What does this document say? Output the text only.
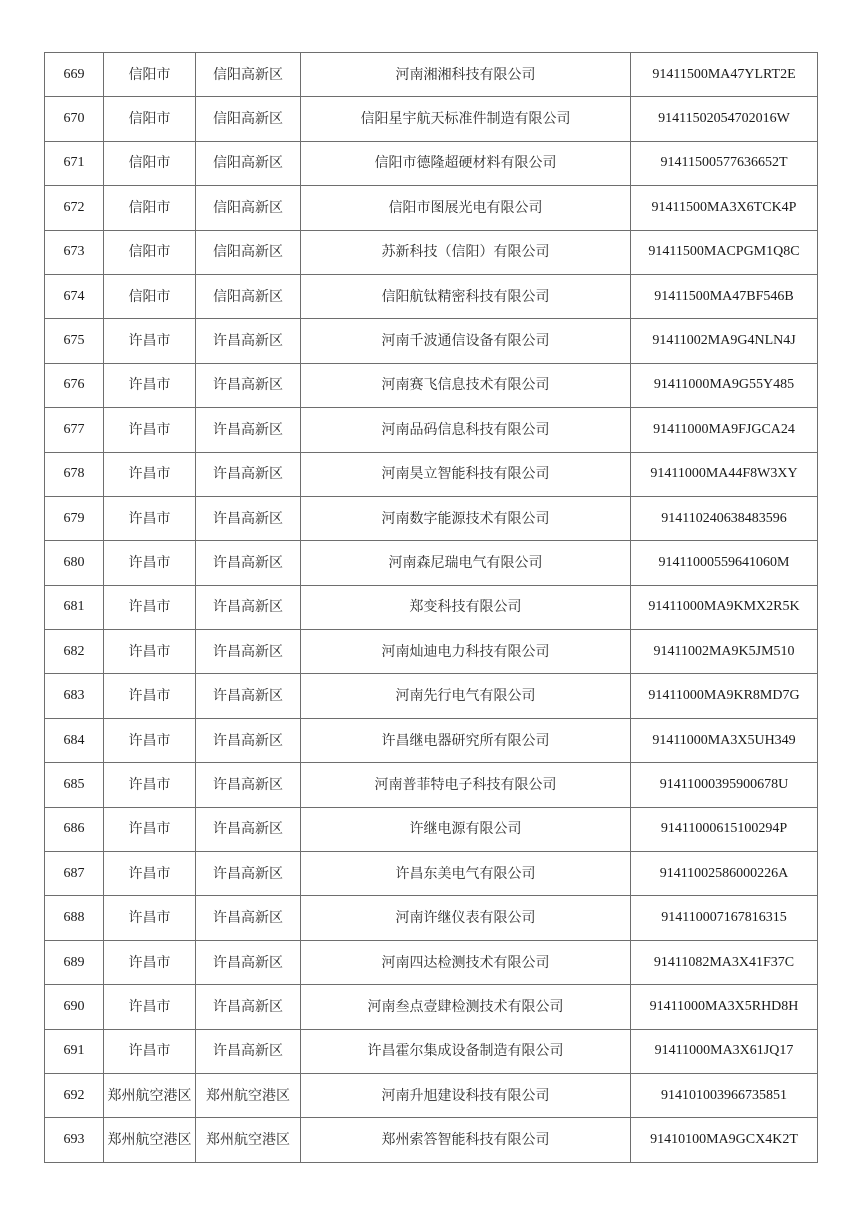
669	信阳市	信阳高新区	河南湘湘科技有限公司	91411500MA47YLRT2E
670	信阳市	信阳高新区	信阳星宇航天标准件制造有限公司	91411502054702016W
671	信阳市	信阳高新区	信阳市德隆超硬材料有限公司	91411500577636652T
672	信阳市	信阳高新区	信阳市图展光电有限公司	91411500MA3X6TCK4P
673	信阳市	信阳高新区	苏新科技（信阳）有限公司	91411500MACPGM1Q8C
674	信阳市	信阳高新区	信阳航钛精密科技有限公司	91411500MA47BF546B
675	许昌市	许昌高新区	河南千波通信设备有限公司	91411002MA9G4NLN4J
676	许昌市	许昌高新区	河南赛飞信息技术有限公司	91411000MA9G55Y485
677	许昌市	许昌高新区	河南品码信息科技有限公司	91411000MA9FJGCA24
678	许昌市	许昌高新区	河南昊立智能科技有限公司	91411000MA44F8W3XY
679	许昌市	许昌高新区	河南数字能源技术有限公司	914110240638483596
680	许昌市	许昌高新区	河南森尼瑞电气有限公司	91411000559641060M
681	许昌市	许昌高新区	郑变科技有限公司	91411000MA9KMX2R5K
682	许昌市	许昌高新区	河南灿迪电力科技有限公司	91411002MA9K5JM510
683	许昌市	许昌高新区	河南先行电气有限公司	91411000MA9KR8MD7G
684	许昌市	许昌高新区	许昌继电器研究所有限公司	91411000MA3X5UH349
685	许昌市	许昌高新区	河南普菲特电子科技有限公司	91411000395900678U
686	许昌市	许昌高新区	许继电源有限公司	91411000615100294P
687	许昌市	许昌高新区	许昌东美电气有限公司	91411002586000226A
688	许昌市	许昌高新区	河南许继仪表有限公司	914110007167816315
689	许昌市	许昌高新区	河南四达检测技术有限公司	91411082MA3X41F37C
690	许昌市	许昌高新区	河南叁点壹肆检测技术有限公司	91411000MA3X5RHD8H
691	许昌市	许昌高新区	许昌霍尔集成设备制造有限公司	91411000MA3X61JQ17
692	郑州航空港区	郑州航空港区	河南升旭建设科技有限公司	914101003966735851
693	郑州航空港区	郑州航空港区	郑州索答智能科技有限公司	91410100MA9GCX4K2T
